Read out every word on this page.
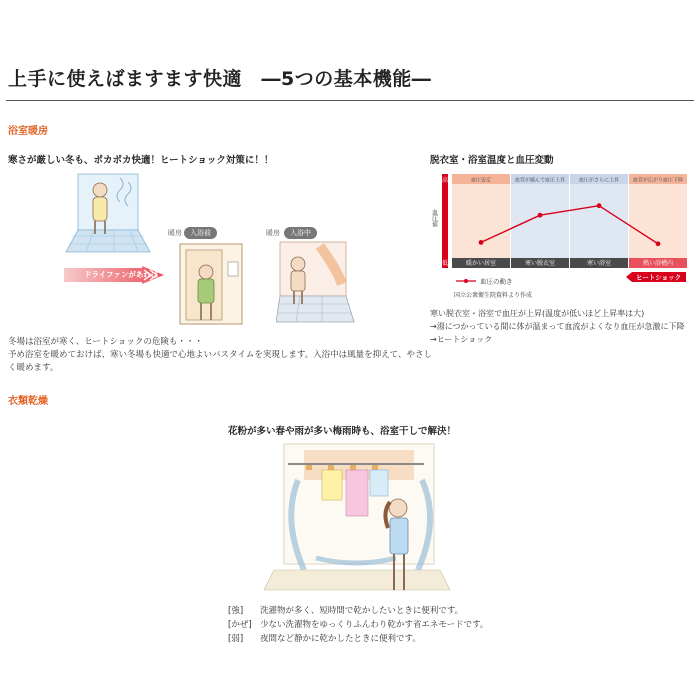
上手に使えばますます快適　―5つの基本機能―
浴室暖房
寒さが厳しい冬も、ポカポカ快適！ヒートショック対策に！！
ドライファンがあれば
暖房	入浴前	暖房	入浴中
冬場は浴室が寒く、ヒートショックの危険も・・・
予め浴室を暖めておけば、寒い冬場も快適で心地よいバスタイムを実現します。入浴中は風量を抑えて、やさし
く暖めます。
脱衣室・浴室温度と血圧変動
高
低
血圧値
血圧安定
暖かい居室
血管が縮んで血圧上昇
寒い脱衣室
血圧がさらに上昇
寒い浴室
血管が広がり血圧下降
熱い浴槽内
ヒートショック
血圧の動き
国立公衆衛生院資料より作成
寒い脱衣室・浴室で血圧が上昇(温度が低いほど上昇率は大)
→湯につかっている間に体が温まって血流がよくなり血圧が急激に下降
→ヒートショック
衣類乾燥
花粉が多い春や雨が多い梅雨時も、浴室干しで解決！
[強] 洗濯物が多く、短時間で乾かしたいときに便利です。
[かぜ] 少ない洗濯物をゆっくりふんわり乾かす省エネモードです。
[弱] 夜間など静かに乾かしたときに便利です。
